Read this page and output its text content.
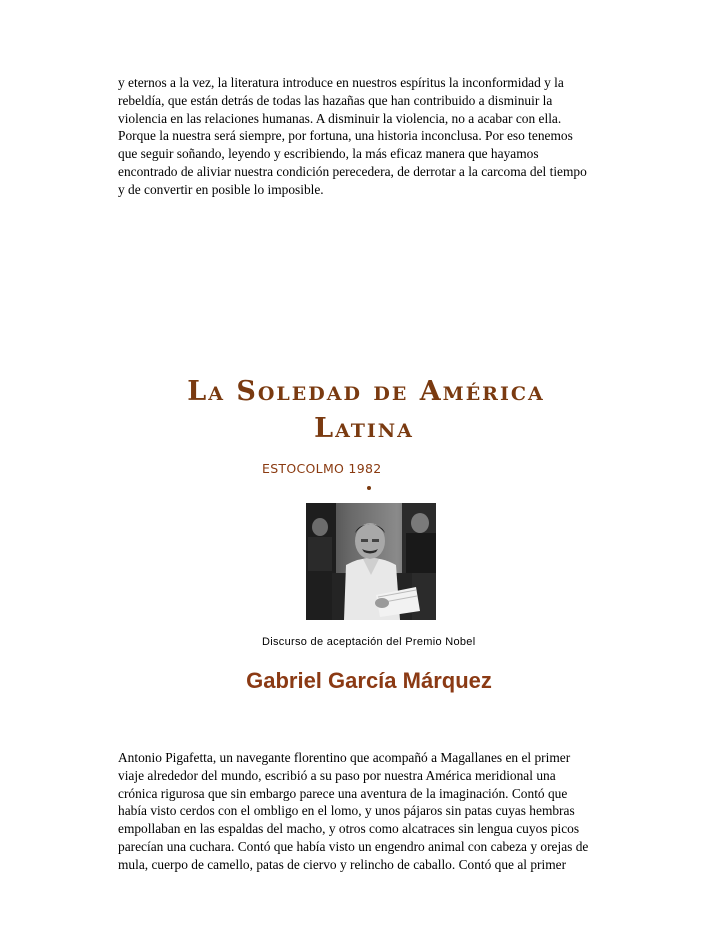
y eternos a la vez, la literatura introduce en nuestros espíritus la inconformidad y la
rebeldía, que están detrás de todas las hazañas que han contribuido a disminuir la
violencia en las relaciones humanas. A disminuir la violencia, no a acabar con ella.
Porque la nuestra será siempre, por fortuna, una historia inconclusa. Por eso tenemos
que seguir soñando, leyendo y escribiendo, la más eficaz manera que hayamos
encontrado de aliviar nuestra condición perecedera, de derrotar a la carcoma del tiempo
y de convertir en posible lo imposible.
La Soledad de América
Latina
ESTOCOLMO 1982
Discurso de aceptación del Premio Nobel
Gabriel García Márquez
Antonio Pigafetta, un navegante florentino que acompañó a Magallanes en el primer
viaje alrededor del mundo, escribió a su paso por nuestra América meridional una
crónica rigurosa que sin embargo parece una aventura de la imaginación. Contó que
había visto cerdos con el ombligo en el lomo, y unos pájaros sin patas cuyas hembras
empollaban en las espaldas del macho, y otros como alcatraces sin lengua cuyos picos
parecían una cuchara. Contó que había visto un engendro animal con cabeza y orejas de
mula, cuerpo de camello, patas de ciervo y relincho de caballo. Contó que al primer
